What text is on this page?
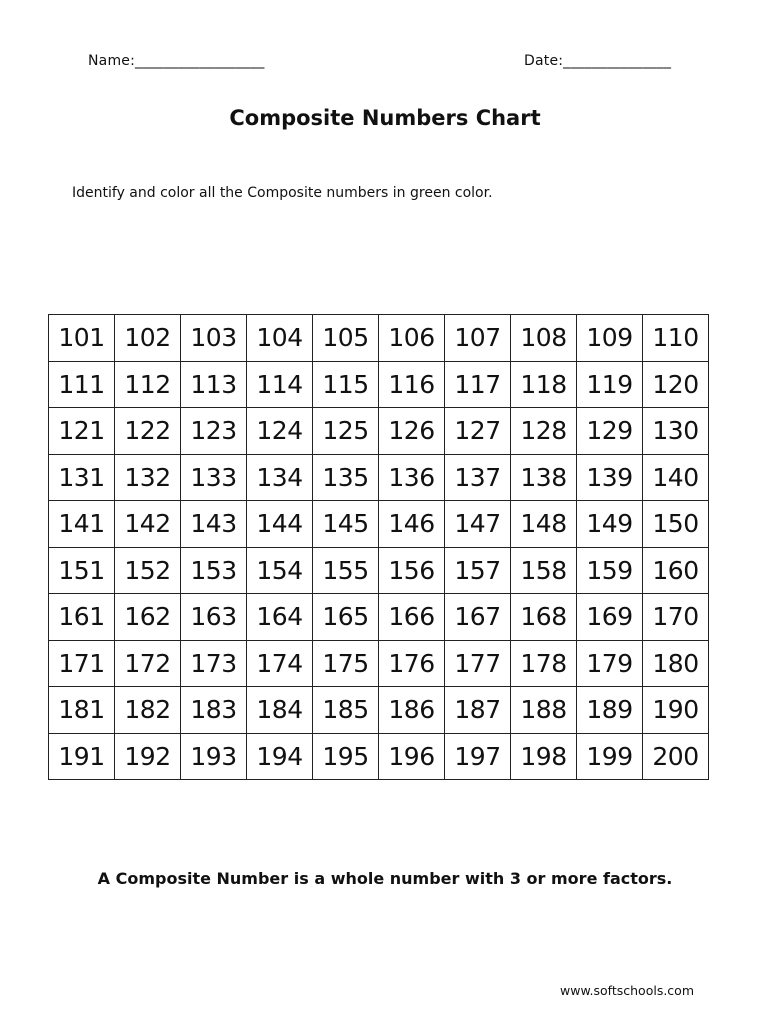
Name:__________________	Date:_______________
Composite Numbers Chart
Identify and color all the Composite numbers in green color.
101	102	103	104	105	106	107	108	109	110
111	112	113	114	115	116	117	118	119	120
121	122	123	124	125	126	127	128	129	130
131	132	133	134	135	136	137	138	139	140
141	142	143	144	145	146	147	148	149	150
151	152	153	154	155	156	157	158	159	160
161	162	163	164	165	166	167	168	169	170
171	172	173	174	175	176	177	178	179	180
181	182	183	184	185	186	187	188	189	190
191	192	193	194	195	196	197	198	199	200
A Composite Number is a whole number with 3 or more factors.
www.softschools.com
